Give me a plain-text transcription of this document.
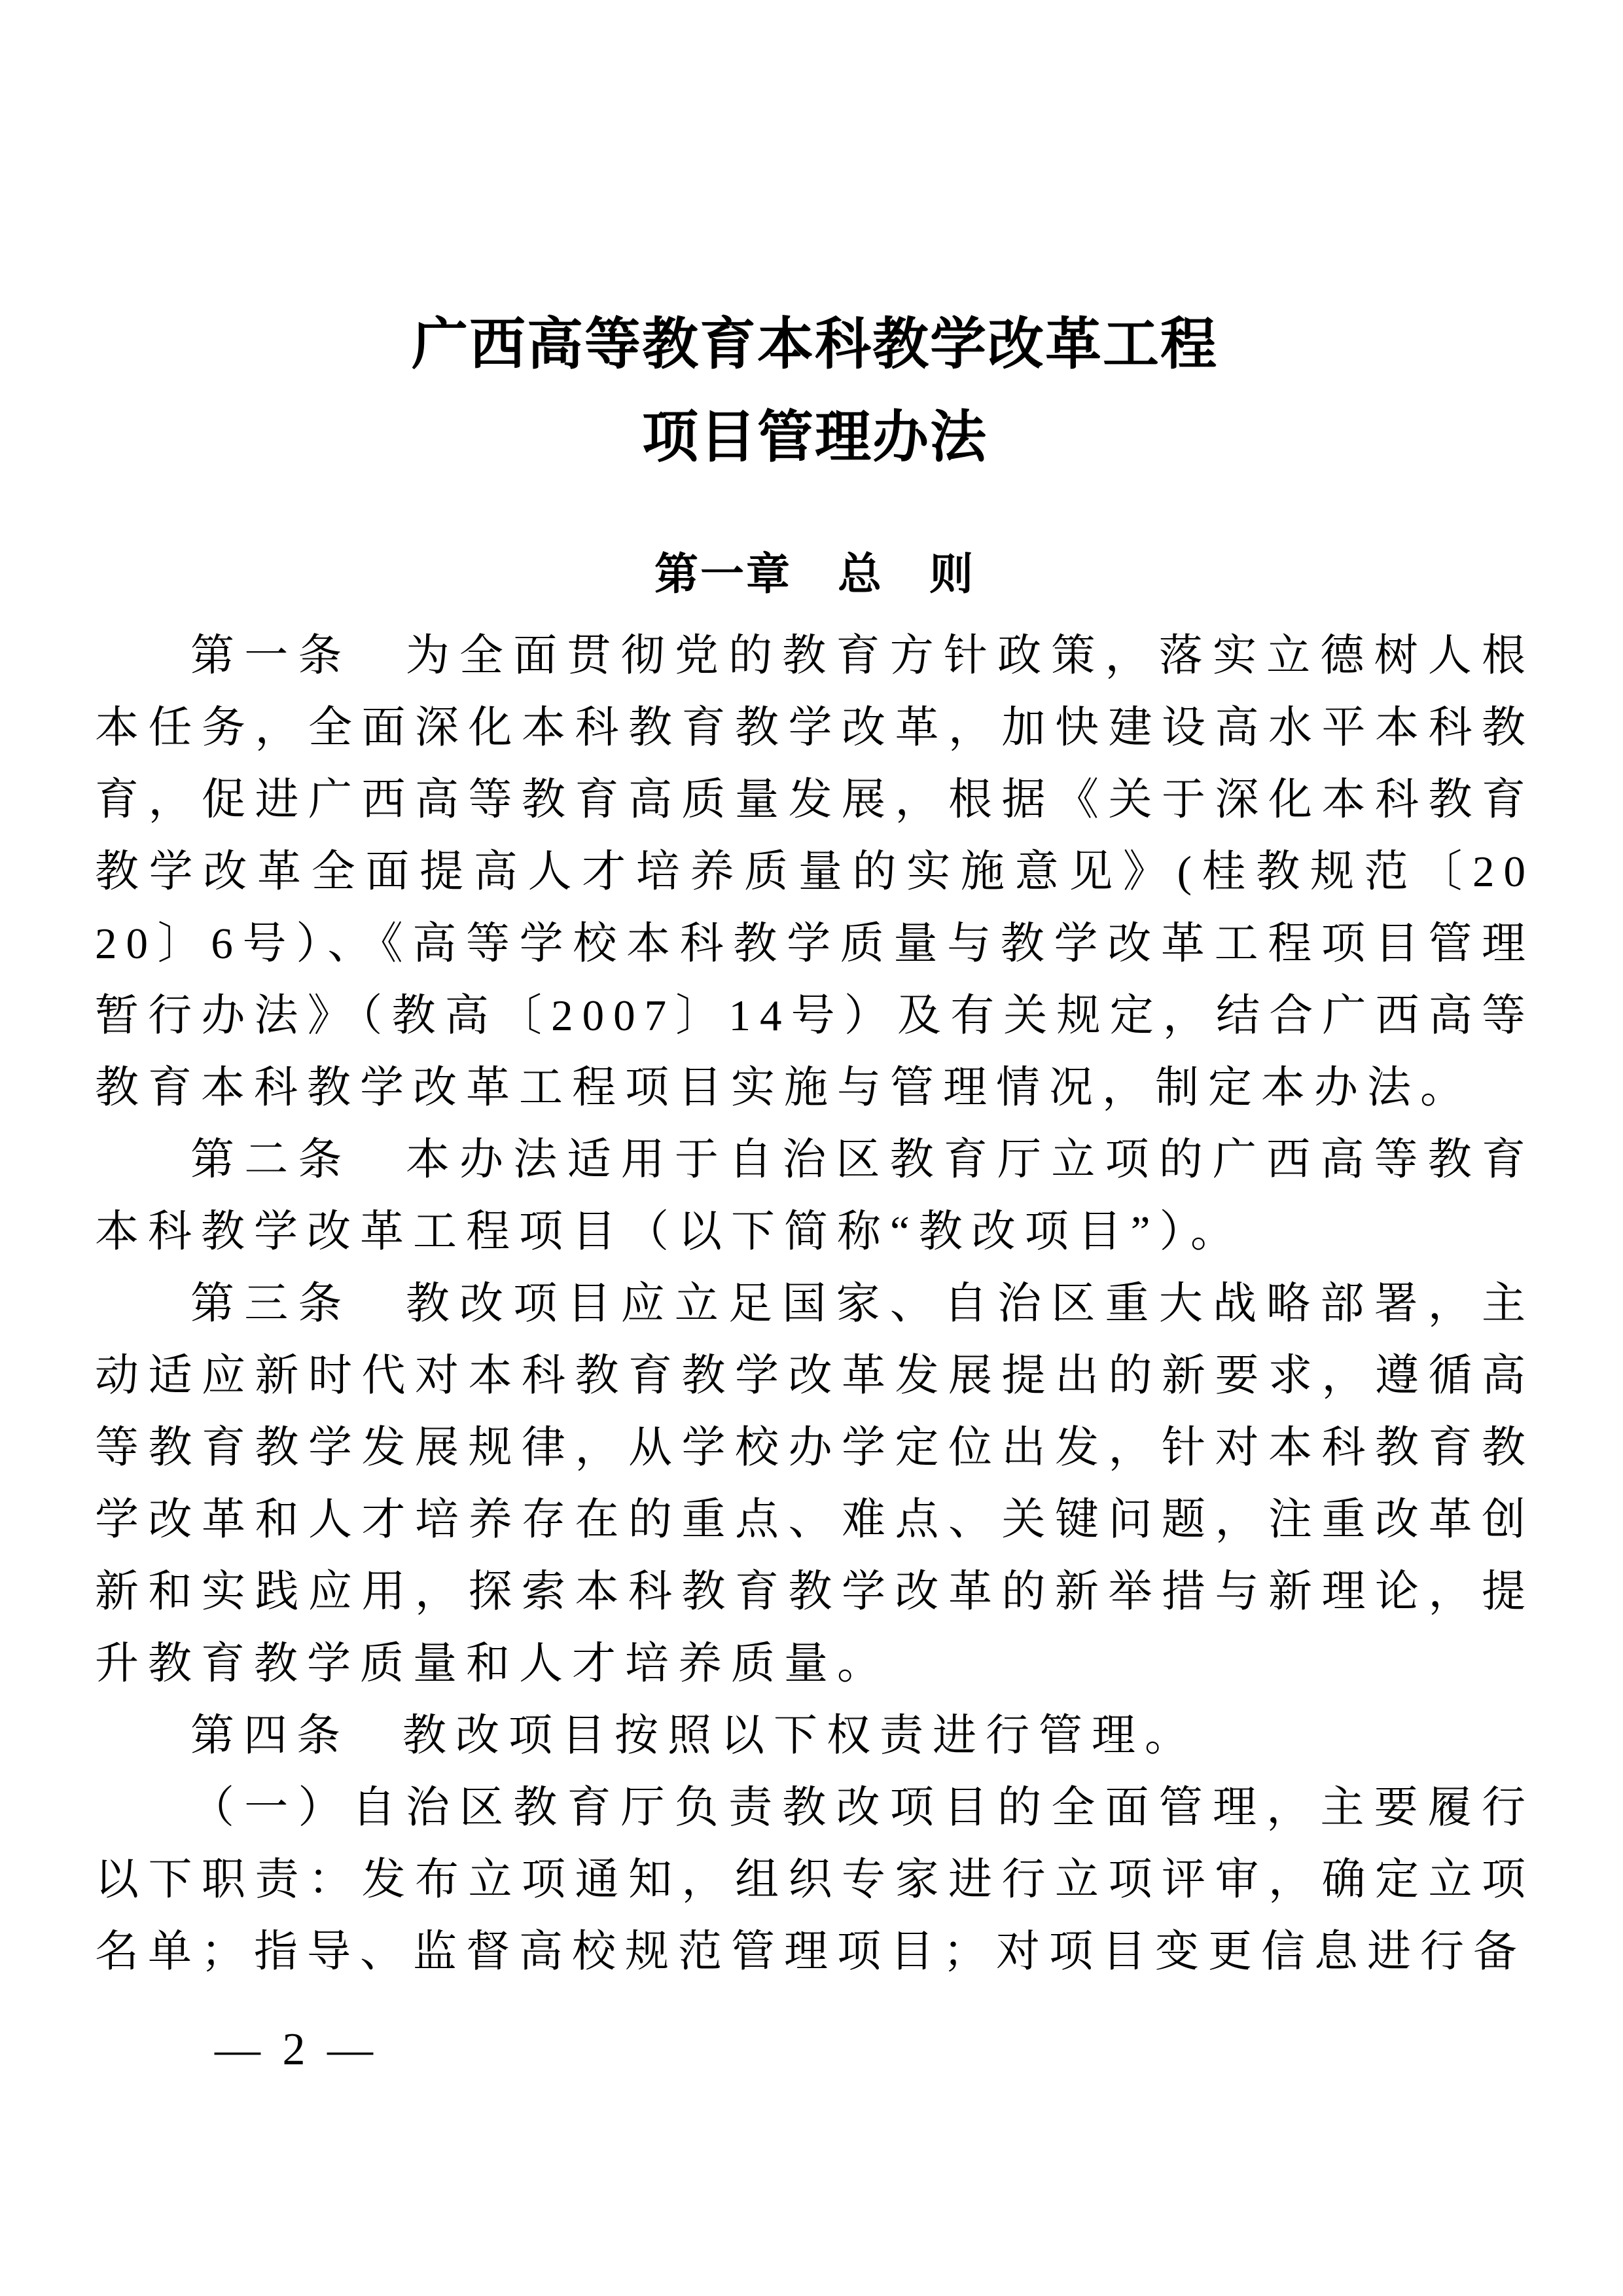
广西高等教育本科教学改革工程
项目管理办法
第一章　总　则

第一条　为全面贯彻党的教育方针政策，落实立德树人根本任务，全面深化本科教育教学改革，加快建设高水平本科教育，促进广西高等教育高质量发展，根据《关于深化本科教育教学改革全面提高人才培养质量的实施意见》(桂教规范〔2020〕6号）、《高等学校本科教学质量与教学改革工程项目管理暂行办法》（教高〔2007〕14号）及有关规定，结合广西高等教育本科教学改革工程项目实施与管理情况，制定本办法。

第二条　本办法适用于自治区教育厅立项的广西高等教育本科教学改革工程项目（以下简称“教改项目”）。

第三条　教改项目应立足国家、自治区重大战略部署，主动适应新时代对本科教育教学改革发展提出的新要求，遵循高等教育教学发展规律，从学校办学定位出发，针对本科教育教学改革和人才培养存在的重点、难点、关键问题，注重改革创新和实践应用，探索本科教育教学改革的新举措与新理论，提升教育教学质量和人才培养质量。

第四条　教改项目按照以下权责进行管理。

（一）自治区教育厅负责教改项目的全面管理，主要履行以下职责：发布立项通知，组织专家进行立项评审，确定立项名单；指导、监督高校规范管理项目；对项目变更信息进行备

— 2 —
